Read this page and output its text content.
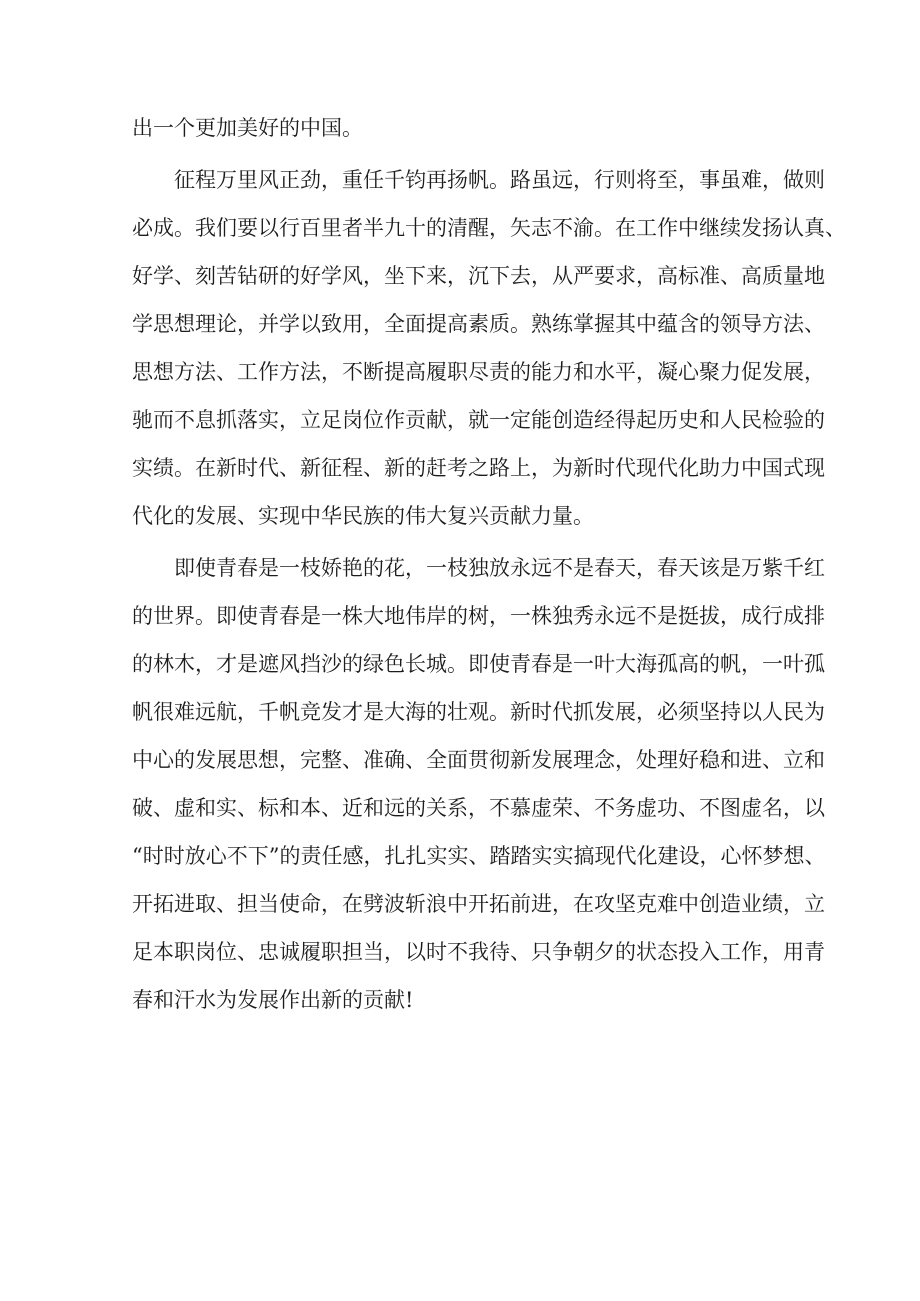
出一个更加美好的中国。
征程万里风正劲，重任千钧再扬帆。路虽远，行则将至，事虽难，做则
必成。我们要以行百里者半九十的清醒，矢志不渝。在工作中继续发扬认真、
好学、刻苦钻研的好学风，坐下来，沉下去，从严要求，高标准、高质量地
学思想理论，并学以致用，全面提高素质。熟练掌握其中蕴含的领导方法、
思想方法、工作方法，不断提高履职尽责的能力和水平，凝心聚力促发展，
驰而不息抓落实，立足岗位作贡献，就一定能创造经得起历史和人民检验的
实绩。在新时代、新征程、新的赶考之路上，为新时代现代化助力中国式现
代化的发展、实现中华民族的伟大复兴贡献力量。
即使青春是一枝娇艳的花，一枝独放永远不是春天，春天该是万紫千红
的世界。即使青春是一株大地伟岸的树，一株独秀永远不是挺拔，成行成排
的林木，才是遮风挡沙的绿色长城。即使青春是一叶大海孤高的帆，一叶孤
帆很难远航，千帆竞发才是大海的壮观。新时代抓发展，必须坚持以人民为
中心的发展思想，完整、准确、全面贯彻新发展理念，处理好稳和进、立和
破、虚和实、标和本、近和远的关系，不慕虚荣、不务虚功、不图虚名，以
“时时放心不下”的责任感，扎扎实实、踏踏实实搞现代化建设，心怀梦想、
开拓进取、担当使命，在劈波斩浪中开拓前进，在攻坚克难中创造业绩，立
足本职岗位、忠诚履职担当，以时不我待、只争朝夕的状态投入工作，用青
春和汗水为发展作出新的贡献!
